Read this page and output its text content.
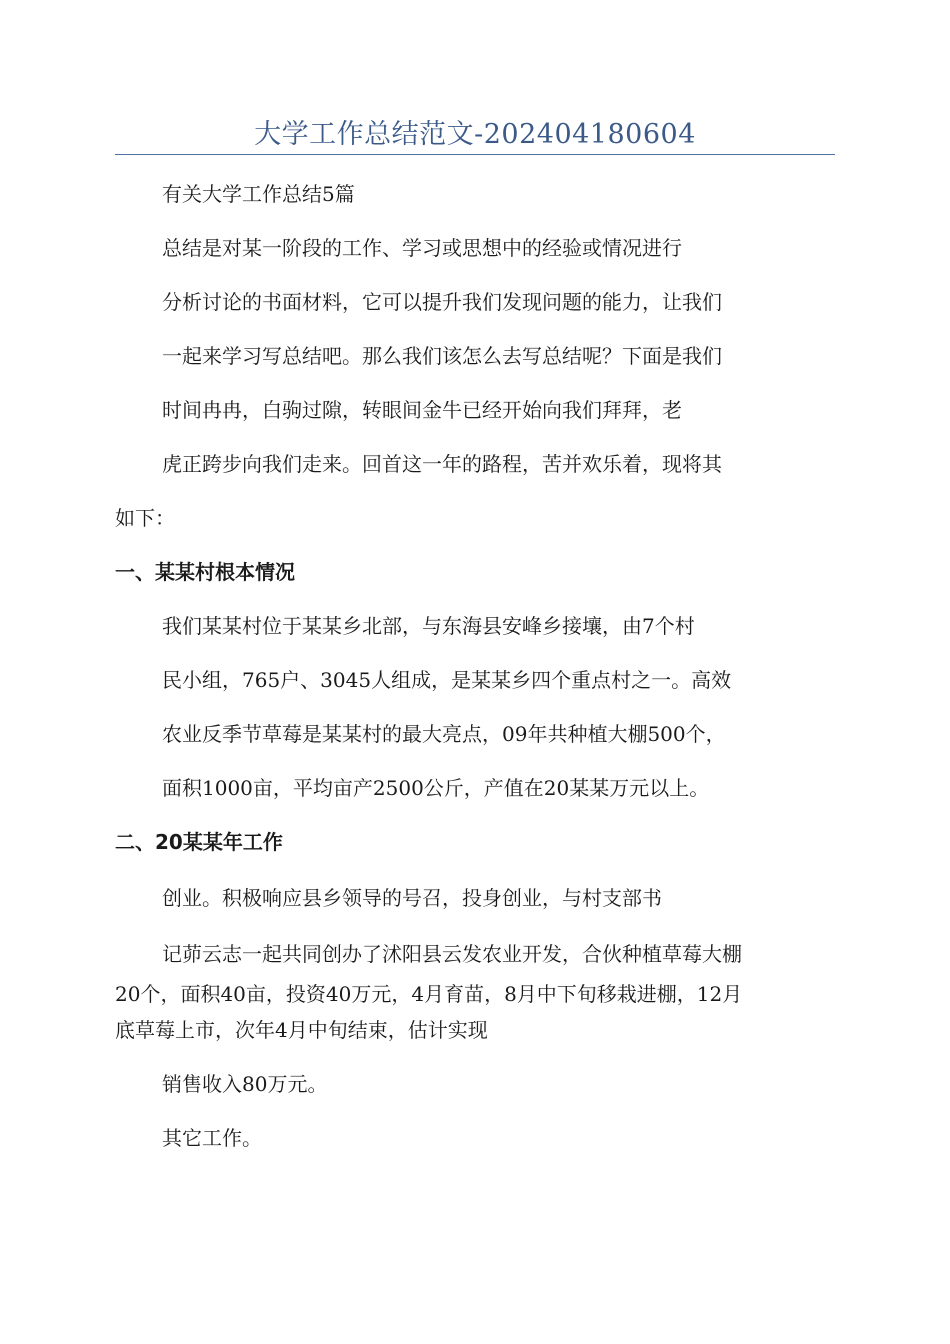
大学工作总结范文-202404180604
有关大学工作总结5篇
总结是对某一阶段的工作、学习或思想中的经验或情况进行
分析讨论的书面材料，它可以提升我们发现问题的能力，让我们
一起来学习写总结吧。那么我们该怎么去写总结呢？下面是我们
时间冉冉，白驹过隙，转眼间金牛已经开始向我们拜拜，老
虎正跨步向我们走来。回首这一年的路程，苦并欢乐着，现将其
如下：
一、某某村根本情况
我们某某村位于某某乡北部，与东海县安峰乡接壤，由7个村
民小组，765户、3045人组成，是某某乡四个重点村之一。高效
农业反季节草莓是某某村的最大亮点，09年共种植大棚500个，
面积1000亩，平均亩产2500公斤，产值在20某某万元以上。
二、20某某年工作
创业。积极响应县乡领导的号召，投身创业，与村支部书
记茆云志一起共同创办了沭阳县云发农业开发，合伙种植草莓大棚
20个，面积40亩，投资40万元，4月育苗，8月中下旬移栽进棚，12月
底草莓上市，次年4月中旬结束，估计实现
销售收入80万元。
其它工作。
